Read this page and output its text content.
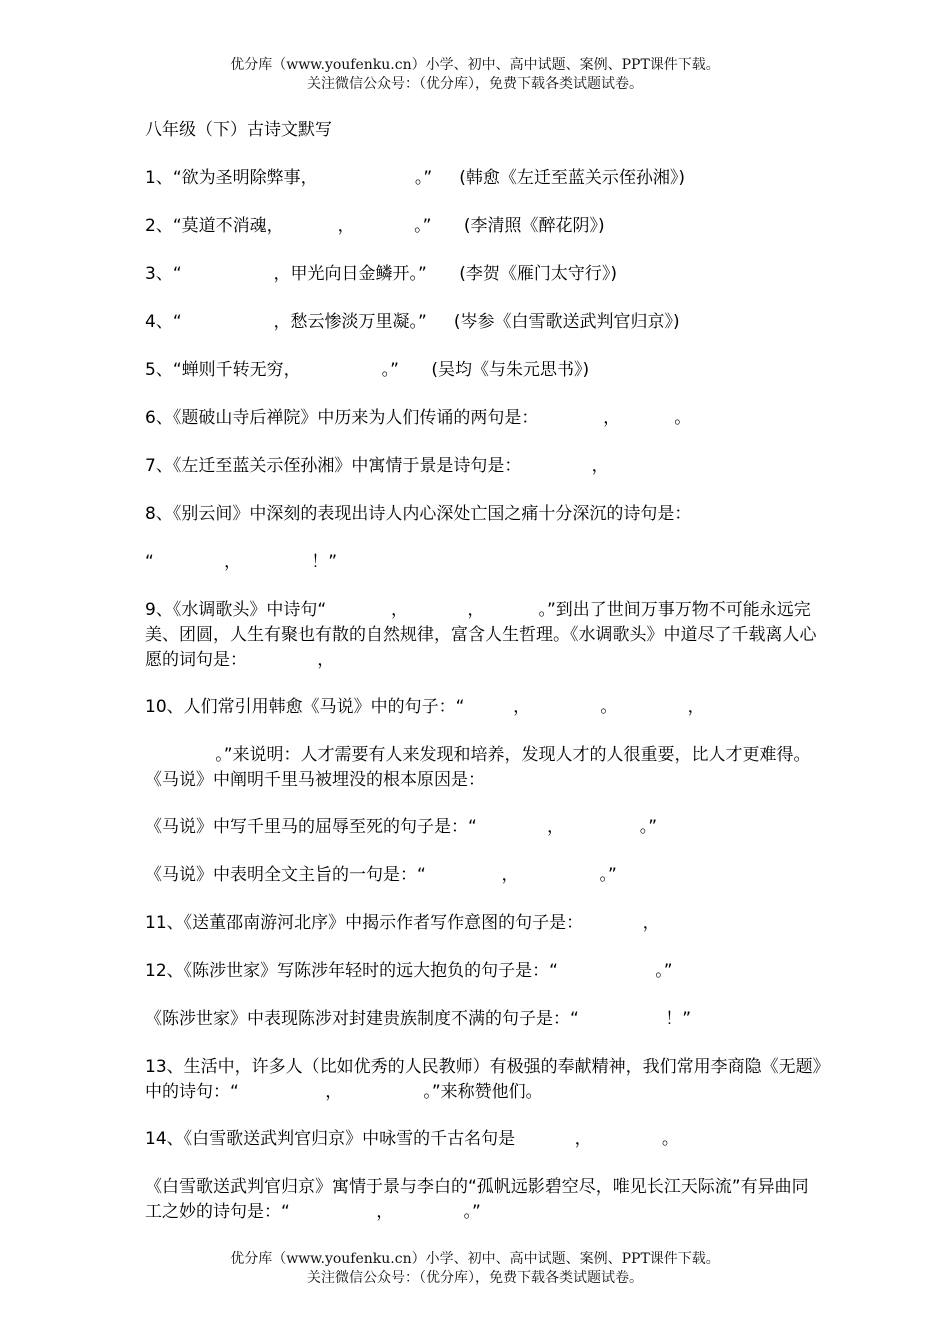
优分库（www.youfenku.cn）小学、初中、高中试题、案例、PPT课件下载。
关注微信公众号：（优分库），免费下载各类试题试卷。

八年级（下）古诗文默写

1、“欲为圣明除弊事，                  。”     (韩愈《左迁至蓝关示侄孙湘》)

2、“莫道不消魂，          ，           。”      (李清照《醉花阴》)

3、“                 ，甲光向日金鳞开。”      (李贺《雁门太守行》)

4、“                 ，愁云惨淡万里凝。”     (岑参《白雪歌送武判官归京》)

5、“蝉则千转无穷，               。”      (吴均《与朱元思书》)

6、《题破山寺后禅院》中历来为人们传诵的两句是：            ，          。

7、《左迁至蓝关示侄孙湘》中寓情于景是诗句是：             ，

8、《别云间》中深刻的表现出诗人内心深处亡国之痛十分深沉的诗句是：

“             ，             ！”

9、《水调歌头》中诗句“            ，           ，          。”到出了世间万事万物不可能永远完美、团圆，人生有聚也有散的自然规律，富含人生哲理。《水调歌头》中道尽了千载离人心愿的词句是：             ，

10、人们常引用韩愈《马说》中的句子：“         ，             。             ，

。”来说明：人才需要有人来发现和培养，发现人才的人很重要，比人才更难得。《马说》中阐明千里马被埋没的根本原因是：

《马说》中写千里马的屈辱至死的句子是：“             ，              。”

《马说》中表明全文主旨的一句是：“              ，               。”

11、《送董邵南游河北序》中揭示作者写作意图的句子是：           ，

12、《陈涉世家》写陈涉年轻时的远大抱负的句子是：“                  。”

《陈涉世家》中表现陈涉对封建贵族制度不满的句子是：“                ！”

13、生活中，许多人（比如优秀的人民教师）有极强的奉献精神，我们常用李商隐《无题》中的诗句：“                ，               。”来称赞他们。

14、《白雪歌送武判官归京》中咏雪的千古名句是           ，             。

《白雪歌送武判官归京》寓情于景与李白的“孤帆远影碧空尽，唯见长江天际流”有异曲同工之妙的诗句是：“                ，             。”

优分库（www.youfenku.cn）小学、初中、高中试题、案例、PPT课件下载。
关注微信公众号：（优分库），免费下载各类试题试卷。
